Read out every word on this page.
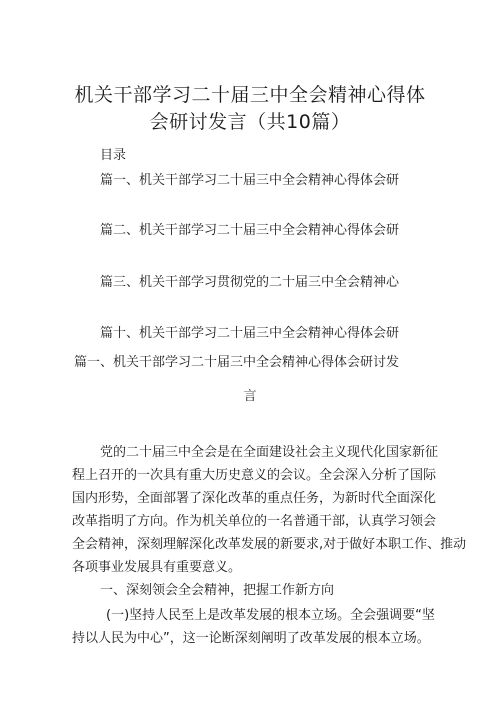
机关干部学习二十届三中全会精神心得体
会研讨发言（共10篇）
目录
篇一、机关干部学习二十届三中全会精神心得体会研
篇二、机关干部学习二十届三中全会精神心得体会研
篇三、机关干部学习贯彻党的二十届三中全会精神心
篇十、机关干部学习二十届三中全会精神心得体会研
篇一、机关干部学习二十届三中全会精神心得体会研讨发
言
党的二十届三中全会是在全面建设社会主义现代化国家新征
程上召开的一次具有重大历史意义的会议。全会深入分析了国际
国内形势，全面部署了深化改革的重点任务，为新时代全面深化
改革指明了方向。作为机关单位的一名普通干部，认真学习领会
全会精神，深刻理解深化改革发展的新要求,对于做好本职工作、推动
各项事业发展具有重要意义。
一、深刻领会全会精神，把握工作新方向
(一)坚持人民至上是改革发展的根本立场。全会强调要“坚
持以人民为中心”，这一论断深刻阐明了改革发展的根本立场。
